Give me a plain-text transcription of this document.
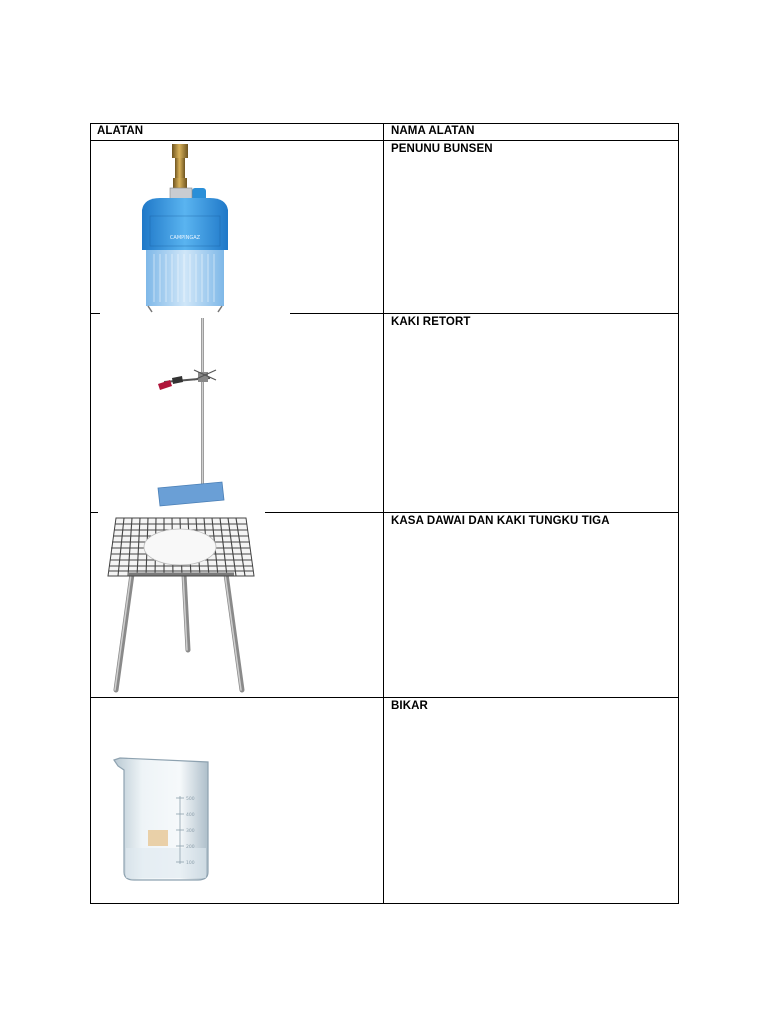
ALATAN	NAMA ALATAN
PENUNU BUNSEN
KAKI RETORT
KASA DAWAI DAN KAKI TUNGKU TIGA
BIKAR
CAMPINGAZ
500
400
300
200
100
